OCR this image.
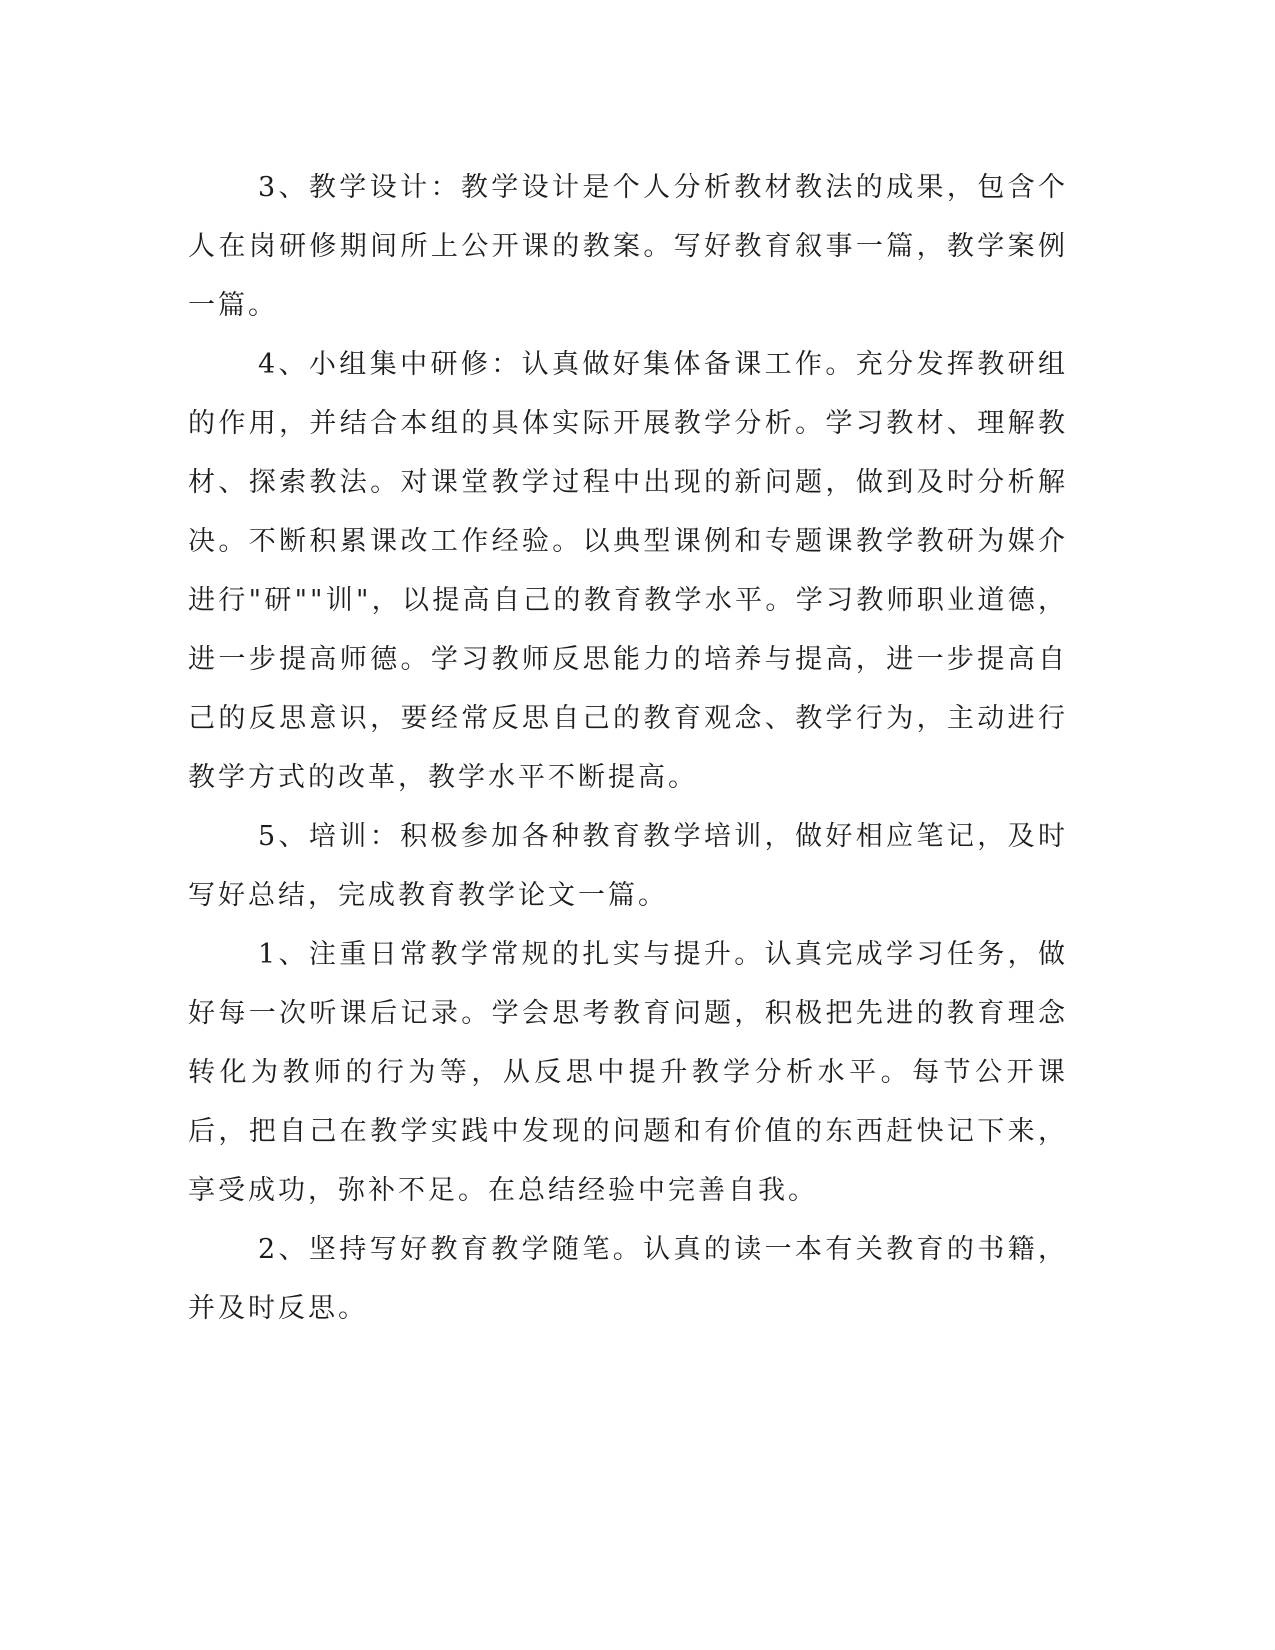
3、教学设计：教学设计是个人分析教材教法的成果，包含个人在岗研修期间所上公开课的教案。写好教育叙事一篇，教学案例一篇。

4、小组集中研修：认真做好集体备课工作。充分发挥教研组的作用，并结合本组的具体实际开展教学分析。学习教材、理解教材、探索教法。对课堂教学过程中出现的新问题，做到及时分析解决。不断积累课改工作经验。以典型课例和专题课教学教研为媒介进行"研""训"，以提高自己的教育教学水平。学习教师职业道德，进一步提高师德。学习教师反思能力的培养与提高，进一步提高自己的反思意识，要经常反思自己的教育观念、教学行为，主动进行教学方式的改革，教学水平不断提高。

5、培训：积极参加各种教育教学培训，做好相应笔记，及时写好总结，完成教育教学论文一篇。

1、注重日常教学常规的扎实与提升。认真完成学习任务，做好每一次听课后记录。学会思考教育问题，积极把先进的教育理念转化为教师的行为等，从反思中提升教学分析水平。每节公开课后，把自己在教学实践中发现的问题和有价值的东西赶快记下来，享受成功，弥补不足。在总结经验中完善自我。

2、坚持写好教育教学随笔。认真的读一本有关教育的书籍，并及时反思。
